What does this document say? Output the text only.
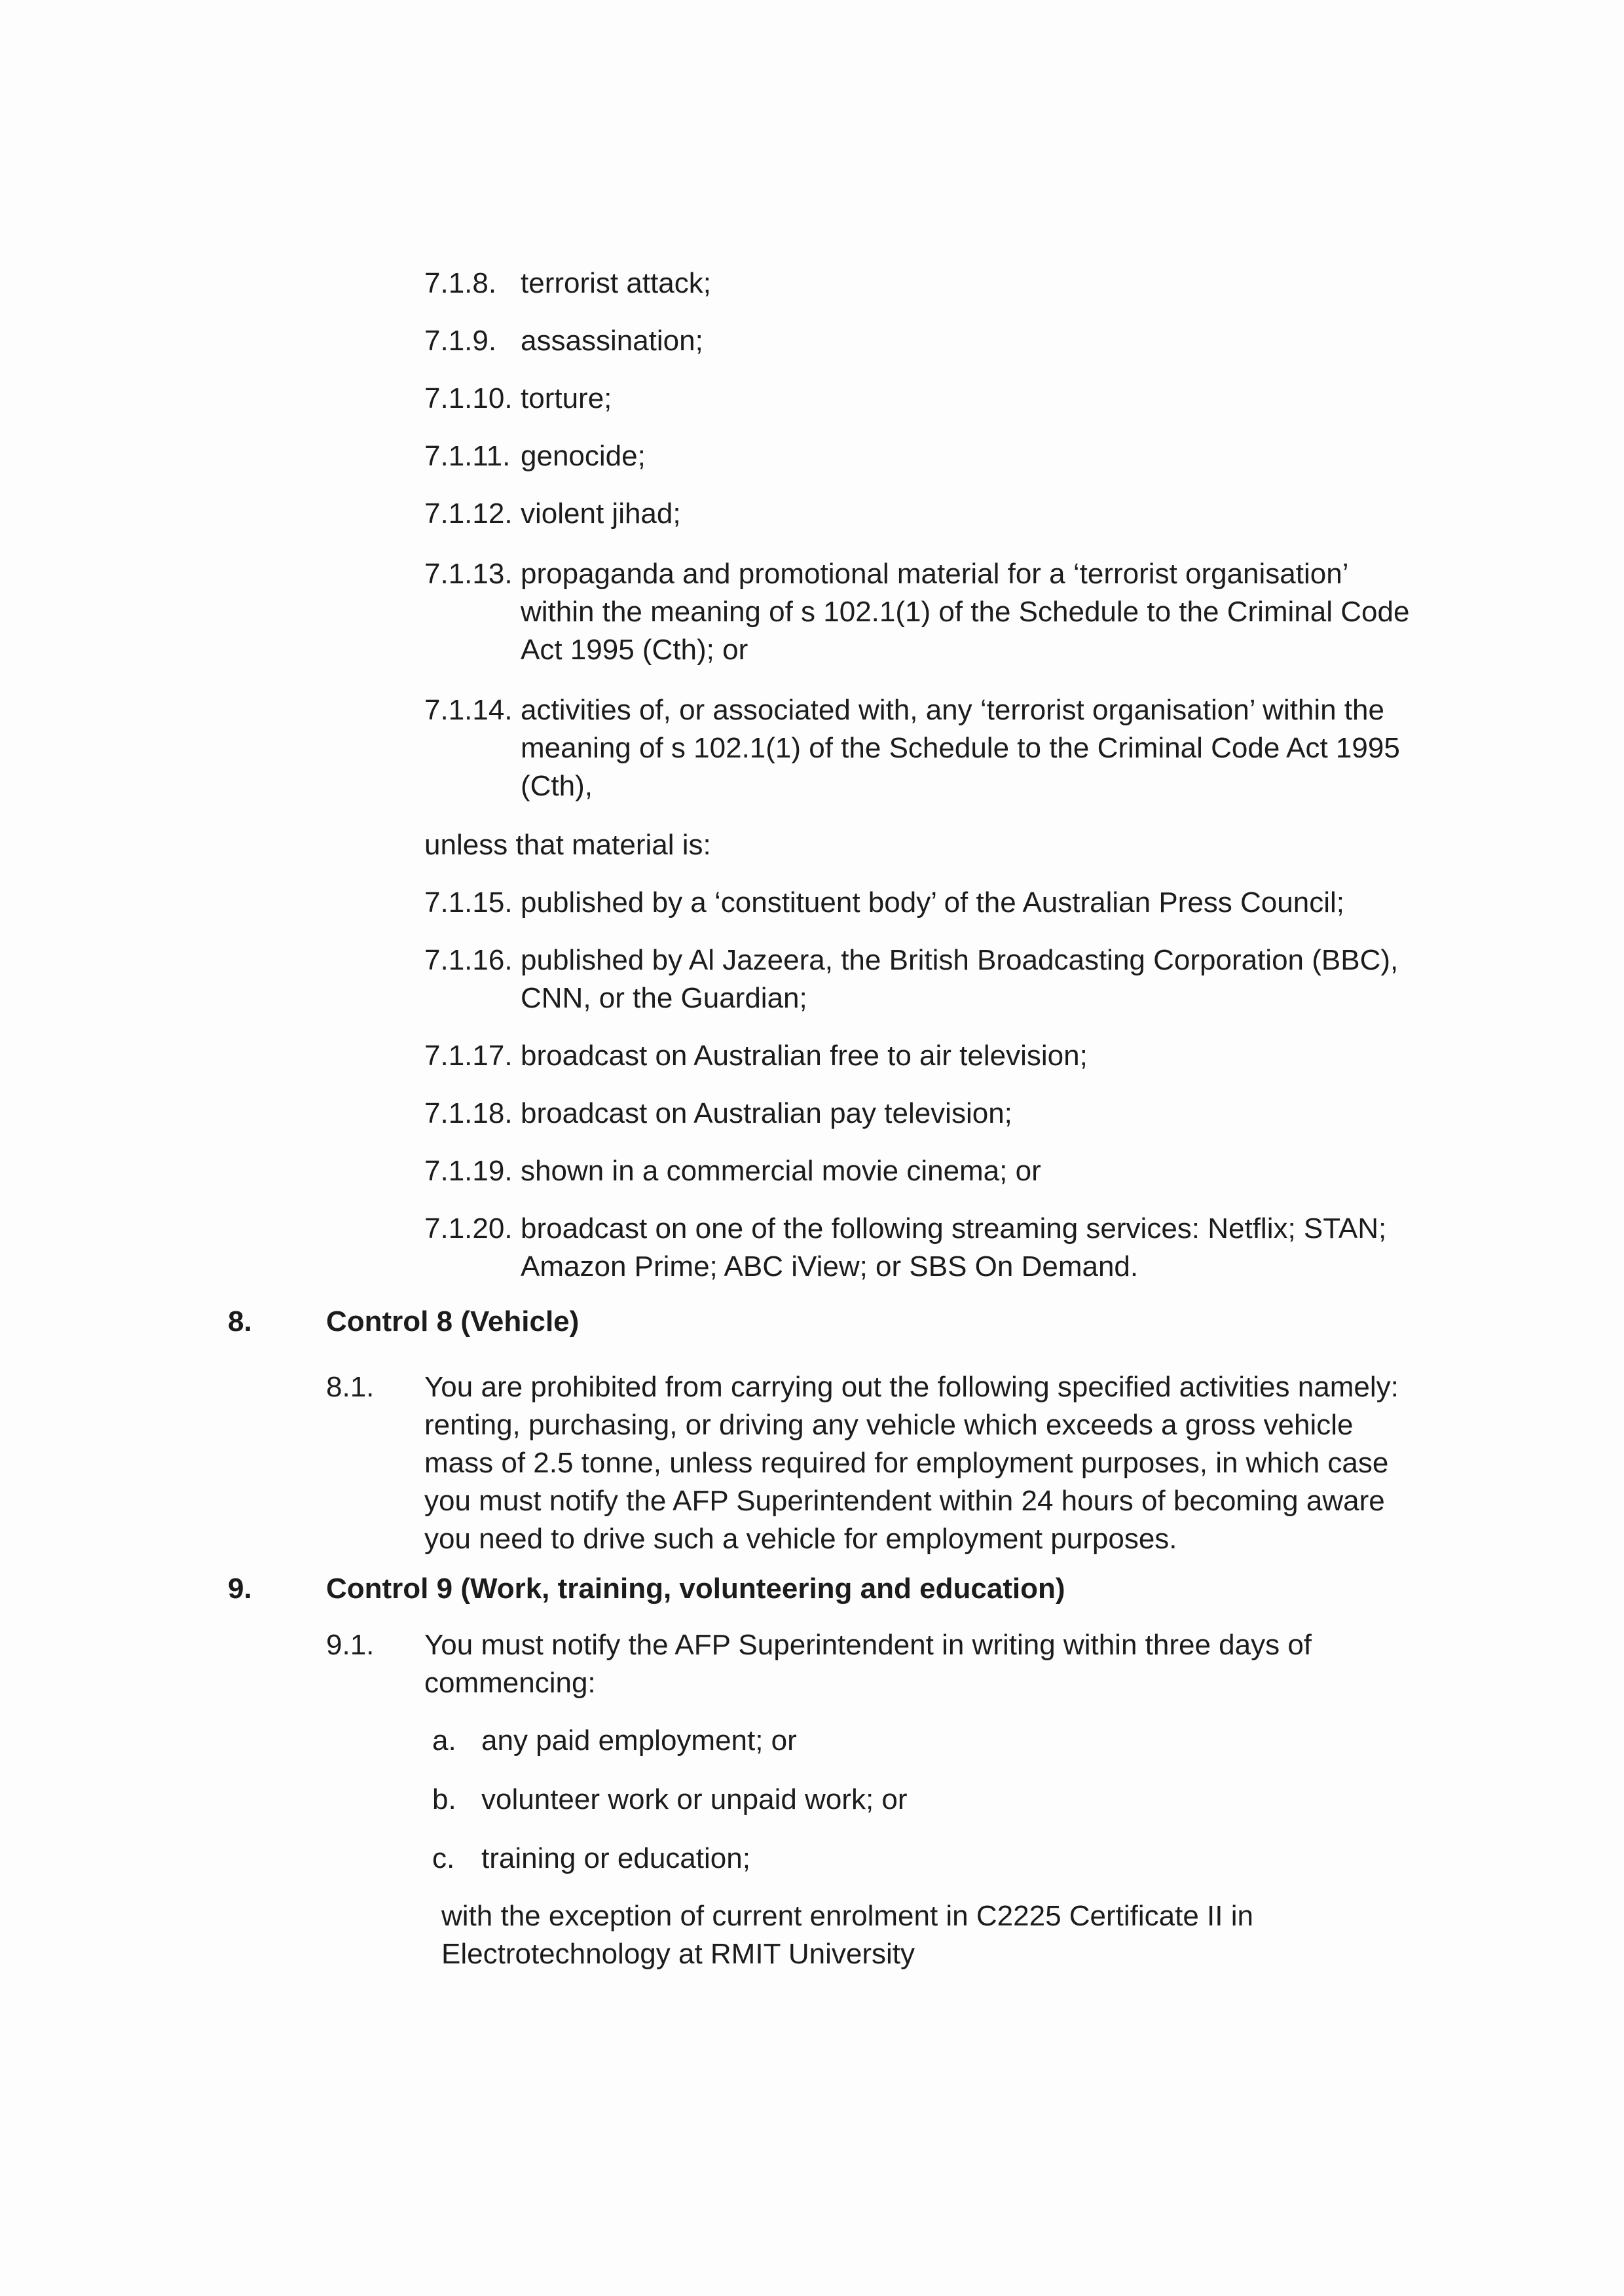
7.1.8. terrorist attack;
7.1.9. assassination;
7.1.10. torture;
7.1.11. genocide;
7.1.12. violent jihad;
7.1.13. propaganda and promotional material for a ‘terrorist organisation’
within the meaning of s 102.1(1) of the Schedule to the Criminal Code
Act 1995 (Cth); or
7.1.14. activities of, or associated with, any ‘terrorist organisation’ within the
meaning of s 102.1(1) of the Schedule to the Criminal Code Act 1995
(Cth),
unless that material is:
7.1.15. published by a ‘constituent body’ of the Australian Press Council;
7.1.16. published by Al Jazeera, the British Broadcasting Corporation (BBC),
CNN, or the Guardian;
7.1.17. broadcast on Australian free to air television;
7.1.18. broadcast on Australian pay television;
7.1.19. shown in a commercial movie cinema; or
7.1.20. broadcast on one of the following streaming services: Netflix; STAN;
Amazon Prime; ABC iView; or SBS On Demand.
8.	Control 8 (Vehicle)
8.1. You are prohibited from carrying out the following specified activities namely:
renting, purchasing, or driving any vehicle which exceeds a gross vehicle
mass of 2.5 tonne, unless required for employment purposes, in which case
you must notify the AFP Superintendent within 24 hours of becoming aware
you need to drive such a vehicle for employment purposes.
9.	Control 9 (Work, training, volunteering and education)
9.1. You must notify the AFP Superintendent in writing within three days of
commencing:
a. any paid employment; or
b. volunteer work or unpaid work; or
c. training or education;
with the exception of current enrolment in C2225 Certificate II in
Electrotechnology at RMIT University
